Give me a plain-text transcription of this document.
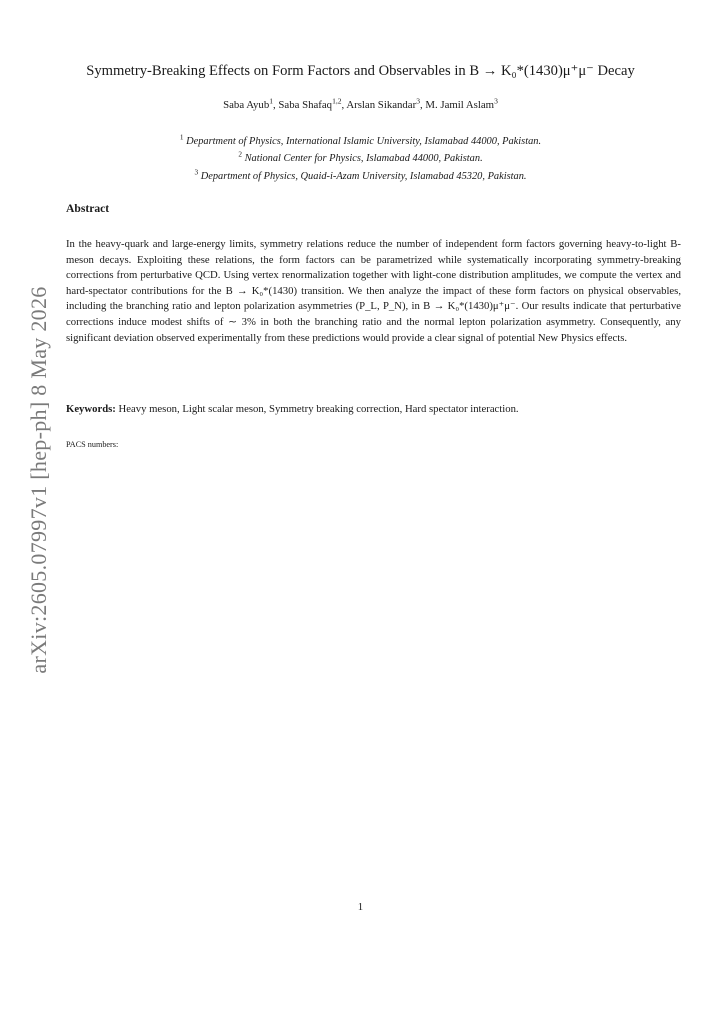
arXiv:2605.07997v1 [hep-ph] 8 May 2026
Symmetry-Breaking Effects on Form Factors and Observables in B → K₀*(1430)μ⁺μ⁻ Decay
Saba Ayub$^1$, Saba Shafaq$^{1,2}$, Arslan Sikandar$^3$, M. Jamil Aslam$^3$
$^1$ Department of Physics, International Islamic University, Islamabad 44000, Pakistan.
$^2$ National Center for Physics, Islamabad 44000, Pakistan.
$^3$ Department of Physics, Quaid-i-Azam University, Islamabad 45320, Pakistan.
Abstract
In the heavy-quark and large-energy limits, symmetry relations reduce the number of independent form factors governing heavy-to-light B-meson decays. Exploiting these relations, the form factors can be parametrized while systematically incorporating symmetry-breaking corrections from perturbative QCD. Using vertex renormalization together with light-cone distribution amplitudes, we compute the vertex and hard-spectator contributions for the B → K₀*(1430) transition. We then analyze the impact of these form factors on physical observables, including the branching ratio and lepton polarization asymmetries (P_L, P_N), in B → K₀*(1430)μ⁺μ⁻. Our results indicate that perturbative corrections induce modest shifts of ∼ 3% in both the branching ratio and the normal lepton polarization asymmetry. Consequently, any significant deviation observed experimentally from these predictions would provide a clear signal of potential New Physics effects.
Keywords: Heavy meson, Light scalar meson, Symmetry breaking correction, Hard spectator interaction.
PACS numbers:
1
